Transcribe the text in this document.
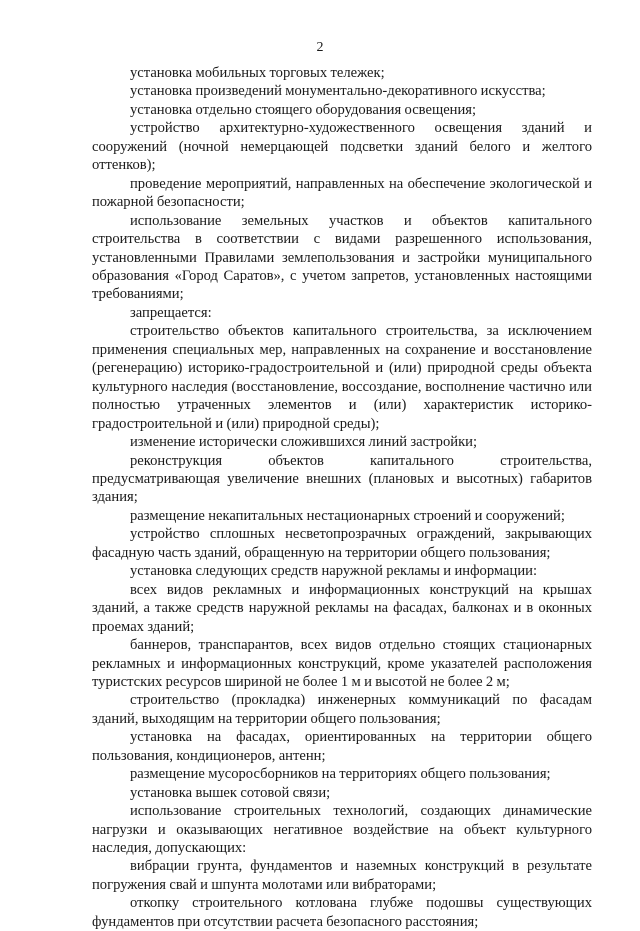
2

установка мобильных торговых тележек;

установка произведений монументально-декоративного искусства;

установка отдельно стоящего оборудования освещения;

устройство архитектурно-художественного освещения зданий и сооружений (ночной немерцающей подсветки зданий белого и желтого оттенков);

проведение мероприятий, направленных на обеспечение экологической и пожарной безопасности;

использование земельных участков и объектов капитального строительства в соответствии с видами разрешенного использования, установленными Правилами землепользования и застройки муниципального образования «Город Саратов», с учетом запретов, установленных настоящими требованиями;

запрещается:

строительство объектов капитального строительства, за исключением применения специальных мер, направленных на сохранение и восстановление (регенерацию) историко-градостроительной и (или) природной среды объекта культурного наследия (восстановление, воссоздание, восполнение частично или полностью утраченных элементов и (или) характеристик историко-градостроительной и (или) природной среды);

изменение исторически сложившихся линий застройки;

реконструкция объектов капитального строительства, предусматривающая увеличение внешних (плановых и высотных) габаритов здания;

размещение некапитальных нестационарных строений и сооружений;

устройство сплошных несветопрозрачных ограждений, закрывающих фасадную часть зданий, обращенную на территории общего пользования;

установка следующих средств наружной рекламы и информации:

всех видов рекламных и информационных конструкций на крышах зданий, а также средств наружной рекламы на фасадах, балконах и в оконных проемах зданий;

баннеров, транспарантов, всех видов отдельно стоящих стационарных рекламных и информационных конструкций, кроме указателей расположения туристских ресурсов шириной не более 1 м и высотой не более 2 м;

строительство (прокладка) инженерных коммуникаций по фасадам зданий, выходящим на территории общего пользования;

установка на фасадах, ориентированных на территории общего пользования, кондиционеров, антенн;

размещение мусоросборников на территориях общего пользования;

установка вышек сотовой связи;

использование строительных технологий, создающих динамические нагрузки и оказывающих негативное воздействие на объект культурного наследия, допускающих:

вибрации грунта, фундаментов и наземных конструкций в результате погружения свай и шпунта молотами или вибраторами;

откопку строительного котлована глубже подошвы существующих фундаментов при отсутствии расчета безопасного расстояния;
